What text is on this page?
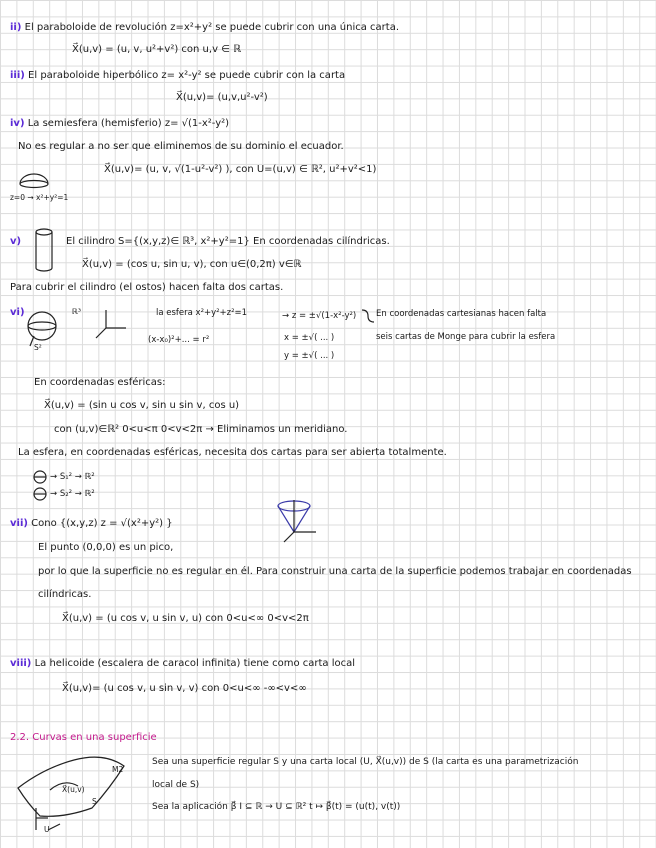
ii) El paraboloide de revolución z=x²+y² se puede cubrir con una única carta.
X⃗(u,v) = (u, v, u²+v²) con u,v ∈ ℝ
iii) El paraboloide hiperbólico z= x²-y² se puede cubrir con la carta
X⃗(u,v)= (u,v,u²-v²)
iv) La semiesfera (hemisferio) z= √(1-x²-y²)
No es regular a no ser que eliminemos de su dominio el ecuador.
X⃗(u,v)= (u, v, √(1-u²-v²) ), con U=(u,v) ∈ ℝ², u²+v²<1)
z=0 → x²+y²=1
v)	El cilindro S={(x,y,z)∈ ℝ³, x²+y²=1} En coordenadas cilíndricas.
X⃗(u,v) = (cos u, sin u, v), con u∈(0,2π) v∈ℝ
Para cubrir el cilindro (el ostos) hacen falta dos cartas.
vi)
S²
ℝ³	la esfera x²+y²+z²=1
(x-x₀)²+... = r²
→ z = ±√(1-x²-y²)
x = ±√( ... )
y = ±√( ... )
En coordenadas cartesianas hacen falta
seis cartas de Monge para cubrir la esfera
En coordenadas esféricas:
X⃗(u,v) = (sin u cos v, sin u sin v, cos u)
con (u,v)∈ℝ² 0<u<π 0<v<2π → Eliminamos un meridiano.
La esfera, en coordenadas esféricas, necesita dos cartas para ser abierta totalmente.
→ S₁² → ℝ²
→ S₂² → ℝ²
vii) Cono {(x,y,z) z = √(x²+y²) }
El punto (0,0,0) es un pico,
por lo que la superficie no es regular en él. Para construir una carta de la superficie podemos trabajar en coordenadas
cilíndricas.
X⃗(u,v) = (u cos v, u sin v, u) con 0<u<∞ 0<v<2π
viii) La helicoide (escalera de caracol infinita) tiene como carta local
X⃗(u,v)= (u cos v, u sin v, v) con 0<u<∞ -∞<v<∞
2.2. Curvas en una superficie
M2
X⃗(u,v)
S
U
Sea una superficie regular S y una carta local (U, X⃗(u,v)) de S (la carta es una parametrización
local de S)
Sea la aplicación β⃗ I ⊆ ℝ → U ⊆ ℝ² t ↦ β⃗(t) = (u(t), v(t))
